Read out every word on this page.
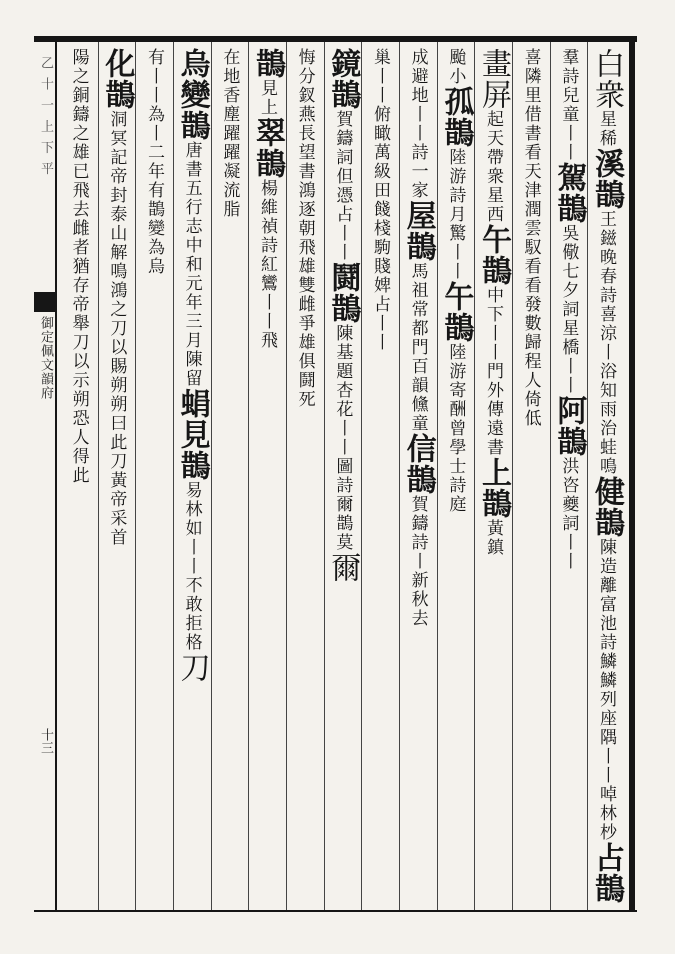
乙 十 一 上 下 平
御定佩文韻府
十三
白衆星稀溪鵲王鎡晚春詩喜涼丨浴知雨治蛙鳴健鵲陳造離富池詩鱗鱗列座隅丨丨啅林杪占鵲
羣詩兒童丨丨駕鵲吳儆七夕詞星橋丨丨阿鵲洪咨夔詞丨丨
喜隣里借書看天津潤雲馭看看發數歸程人倚低
畫屏起天帶衆星西午鵲中下丨丨門外傳遠書上鵲黃鎮
颱小孤鵲陸游詩月驚丨丨午鵲陸游寄酬曾學士詩庭
成避地丨丨詩一家屋鵲馬祖常都門百韻儵童信鵲賀鑄詩丨新秋去
巢丨丨俯瞰萬級田餞棧駒賤婢占丨丨
鏡鵲賀鑄詞但憑占丨丨鬪鵲陳基題杏花丨丨圖詩爾鵲莫爾
悔分釵燕長望書鴻逐朝飛雄雙雌爭雄俱鬪死
鵲見上翠鵲楊維禎詩紅鸞丨丨飛
在地香塵躍躍凝流脂
烏變鵲唐書五行志中和元年三月陳留蜎見鵲易林如丨丨不敢拒格刀
有丨丨為丨二年有鵲變為烏
化鵲洞冥記帝封泰山解鳴鴻之刀以賜朔朔曰此刀黃帝采首
陽之銅鑄之雄已飛去雌者猶存帝舉刀以示朔恐人得此
